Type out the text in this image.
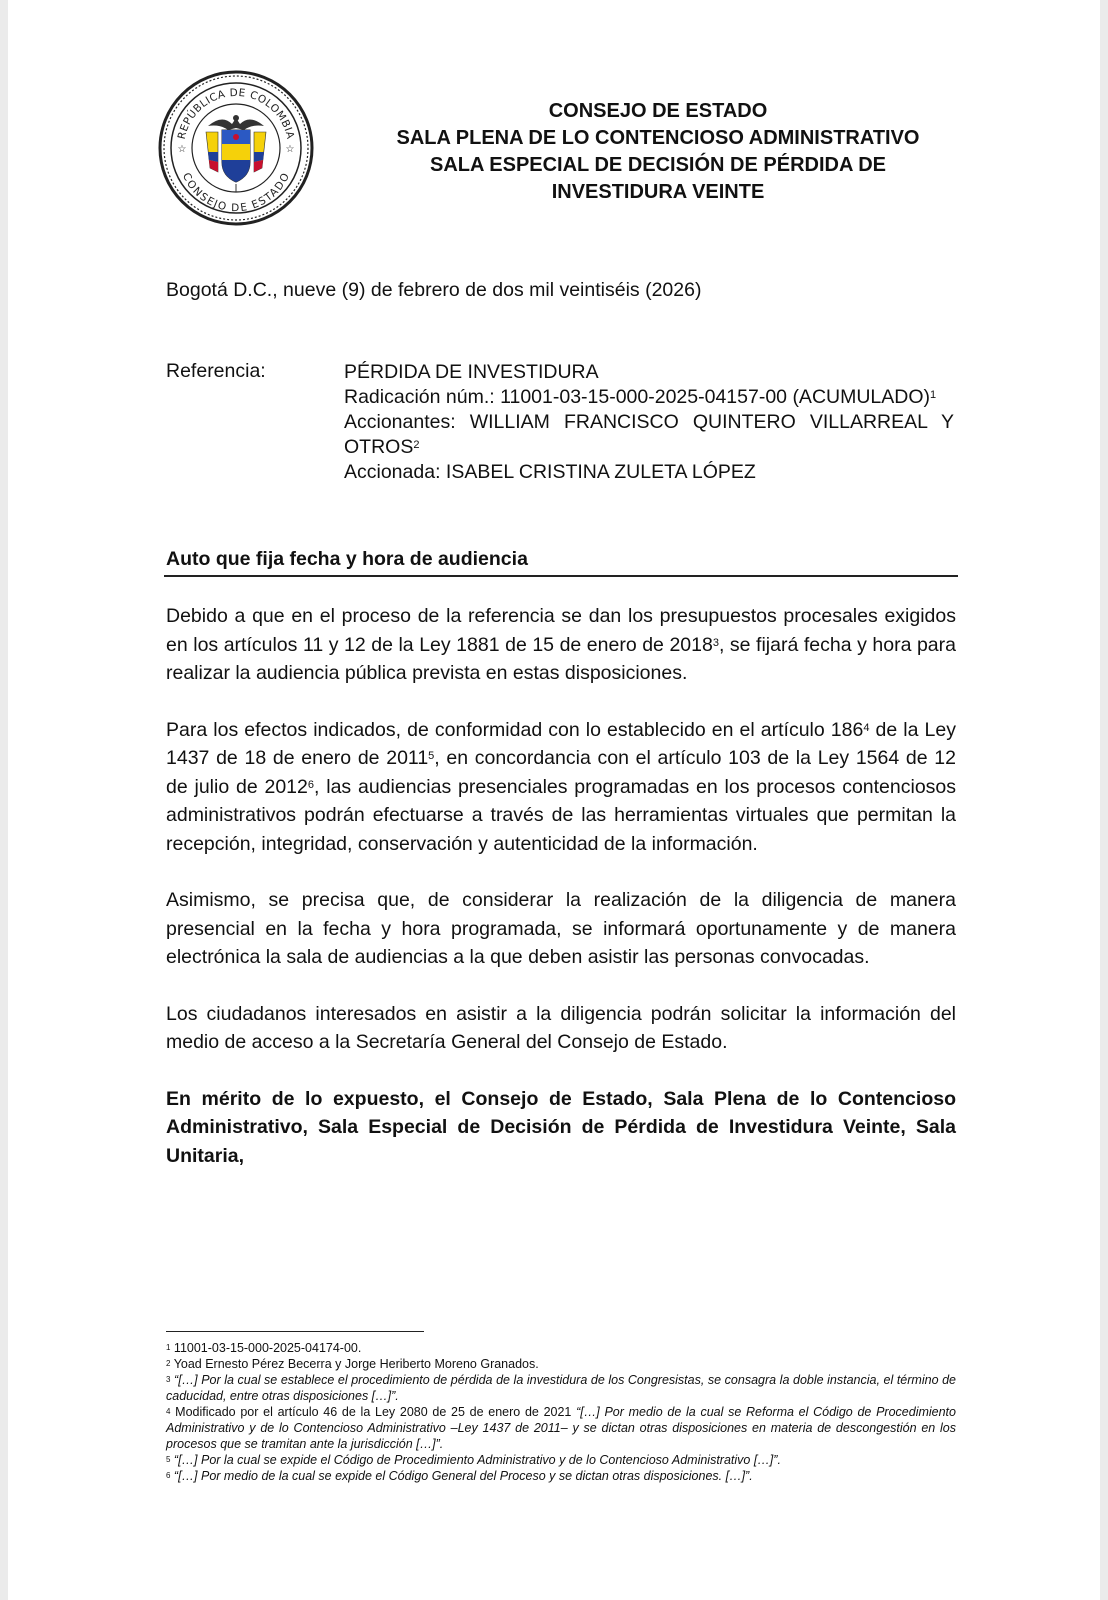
REPÚBLICA DE COLOMBIA
CONSEJO DE ESTADO
☆	☆
CONSEJO DE ESTADO
SALA PLENA DE LO CONTENCIOSO ADMINISTRATIVO
SALA ESPECIAL DE DECISIÓN DE PÉRDIDA DE
INVESTIDURA VEINTE
Bogotá D.C., nueve (9) de febrero de dos mil veintiséis (2026)
Referencia:	PÉRDIDA DE INVESTIDURA
Radicación núm.: 11001-03-15-000-2025-04157-00 (ACUMULADO)$^1$
Accionantes: WILLIAM FRANCISCO QUINTERO VILLARREAL Y
OTROS$^2$
Accionada: ISABEL CRISTINA ZULETA LÓPEZ
Auto que fija fecha y hora de audiencia

Debido a que en el proceso de la referencia se dan los presupuestos procesales exigidos en los artículos 11 y 12 de la Ley 1881 de 15 de enero de 2018$^3$, se fijará fecha y hora para realizar la audiencia pública prevista en estas disposiciones.

Para los efectos indicados, de conformidad con lo establecido en el artículo $186^4$ de la Ley 1437 de 18 de enero de 2011$^5$, en concordancia con el artículo 103 de la Ley 1564 de 12 de julio de 2012$^6$, las audiencias presenciales programadas en los procesos contenciosos administrativos podrán efectuarse a través de las herramientas virtuales que permitan la recepción, integridad, conservación y autenticidad de la información.

Asimismo, se precisa que, de considerar la realización de la diligencia de manera presencial en la fecha y hora programada, se informará oportunamente y de manera electrónica la sala de audiencias a la que deben asistir las personas convocadas.

Los ciudadanos interesados en asistir a la diligencia podrán solicitar la información del medio de acceso a la Secretaría General del Consejo de Estado.

En mérito de lo expuesto, el Consejo de Estado, Sala Plena de lo Contencioso Administrativo, Sala Especial de Decisión de Pérdida de Investidura Veinte, Sala Unitaria,

$^1$ 11001-03-15-000-2025-04174-00.
$^2$ Yoad Ernesto Pérez Becerra y Jorge Heriberto Moreno Granados.
$^3$ “[…] Por la cual se establece el procedimiento de pérdida de la investidura de los Congresistas, se consagra la doble instancia, el término de caducidad, entre otras disposiciones […]”.
$^4$ Modificado por el artículo 46 de la Ley 2080 de 25 de enero de 2021 “[…] Por medio de la cual se Reforma el Código de Procedimiento Administrativo y de lo Contencioso Administrativo –Ley 1437 de 2011– y se dictan otras disposiciones en materia de descongestión en los procesos que se tramitan ante la jurisdicción […]”.
$^5$ “[…] Por la cual se expide el Código de Procedimiento Administrativo y de lo Contencioso Administrativo […]”.
$^6$ “[…] Por medio de la cual se expide el Código General del Proceso y se dictan otras disposiciones. […]”.
